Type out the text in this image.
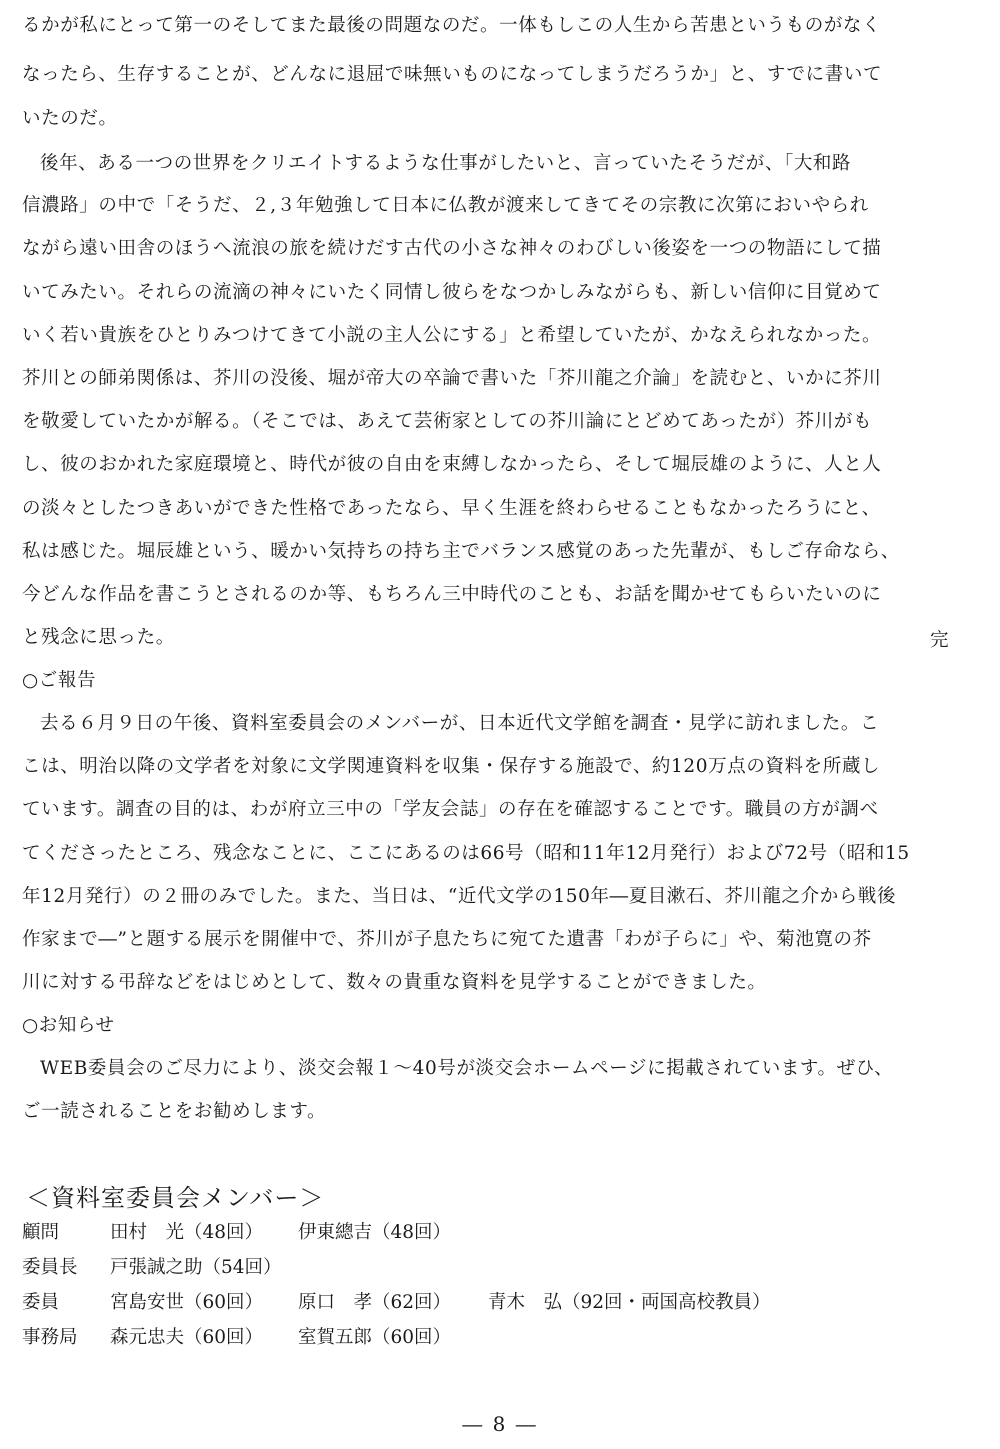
るかが私にとって第一のそしてまた最後の問題なのだ。一体もしこの人生から苦患というものがなく
なったら、生存することが、どんなに退屈で味無いものになってしまうだろうか」と、すでに書いて
いたのだ。
後年、ある一つの世界をクリエイトするような仕事がしたいと、言っていたそうだが、「大和路
信濃路」の中で「そうだ、２,３年勉強して日本に仏教が渡来してきてその宗教に次第においやられ
ながら遠い田舎のほうへ流浪の旅を続けだす古代の小さな神々のわびしい後姿を一つの物語にして描
いてみたい。それらの流滴の神々にいたく同情し彼らをなつかしみながらも、新しい信仰に目覚めて
いく若い貴族をひとりみつけてきて小説の主人公にする」と希望していたが、かなえられなかった。
芥川との師弟関係は、芥川の没後、堀が帝大の卒論で書いた「芥川龍之介論」を読むと、いかに芥川
を敬愛していたかが解る。（そこでは、あえて芸術家としての芥川論にとどめてあったが）芥川がも
し、彼のおかれた家庭環境と、時代が彼の自由を束縛しなかったら、そして堀辰雄のように、人と人
の淡々としたつきあいができた性格であったなら、早く生涯を終わらせることもなかったろうにと、
私は感じた。堀辰雄という、暖かい気持ちの持ち主でバランス感覚のあった先輩が、もしご存命なら、
今どんな作品を書こうとされるのか等、もちろん三中時代のことも、お話を聞かせてもらいたいのに
と残念に思った。	完
○ご報告
去る６月９日の午後、資料室委員会のメンバーが、日本近代文学館を調査・見学に訪れました。こ
こは、明治以降の文学者を対象に文学関連資料を収集・保存する施設で、約120万点の資料を所蔵し
ています。調査の目的は、わが府立三中の「学友会誌」の存在を確認することです。職員の方が調べ
てくださったところ、残念なことに、ここにあるのは66号（昭和11年12月発行）および72号（昭和15
年12月発行）の２冊のみでした。また、当日は、“近代文学の150年―夏目漱石、芥川龍之介から戦後
作家まで―”と題する展示を開催中で、芥川が子息たちに宛てた遺書「わが子らに」や、菊池寛の芥
川に対する弔辞などをはじめとして、数々の貴重な資料を見学することができました。
○お知らせ
WEB委員会のご尽力により、淡交会報１～40号が淡交会ホームページに掲載されています。ぜひ、
ご一読されることをお勧めします。
＜資料室委員会メンバー＞
顧問	田村　光（48回） 伊東總吉（48回）
委員長 戸張誠之助（54回）
委員	宮島安世（60回） 原口　孝（62回） 青木　弘（92回・両国高校教員）
事務局 森元忠夫（60回） 室賀五郎（60回）
― 8 ―
